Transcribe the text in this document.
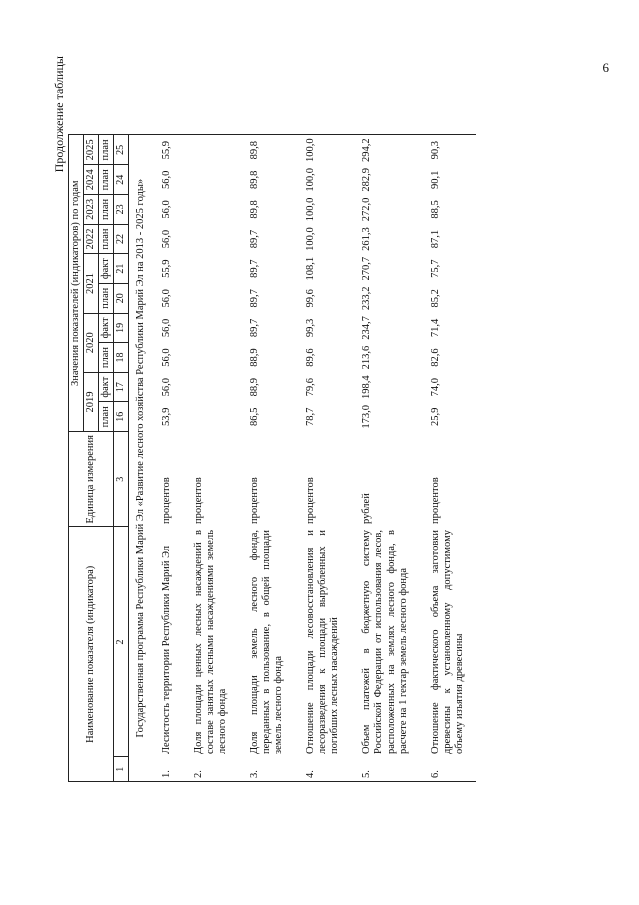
6
Продолжение таблицы
Наименование показателя (индикатора)		Единица измерения	Значения показателей (индикаторов) по годам									
			2019		2020		2021		2022	2023	2024	2025
			план	факт	план	факт	план	факт	план	план	план	план
1	2	3	16	17	18	19	20	21	22	23	24	25
Государственная программа Республики Марий Эл «Развитие лесного хозяйства Республики Марий Эл на 2013 - 2025 годы»												
1.	Лесистость территории Республики Марий Эл	процентов	53,9	56,0	56,0	56,0	56,0	55,9	56,0	56,0	56,0	55,9
2.	Доля площади ценных лесных насаждений в составе занятых лесными насаждениями земель лесного фонда	процентов										
3.	Доля площади земель лесного фонда, переданных в пользование, в общей площади земель лесного фонда	процентов	86,5	88,9	88,9	89,7	89,7	89,7	89,7	89,8	89,8	89,8
4.	Отношение площади лесовосстановления и лесоразведения к площади вырубленных и погибших лесных насаждений	процентов	78,7	79,6	89,6	99,3	99,6	108,1	100,0	100,0	100,0	100,0
5.	Объем платежей в бюджетную систему Российской Федерации от использования лесов, расположенных на землях лесного фонда, в расчете на 1 гектар земель лесного фонда	рублей	173,0	198,4	213,6	234,7	233,2	270,7	261,3	272,0	282,9	294,2
6.	Отношение фактического объема заготовки древесины к установленному допустимому объему изъятия древесины	процентов	25,9	74,0	82,6	71,4	85,2	75,7	87,1	88,5	90,1	90,3
